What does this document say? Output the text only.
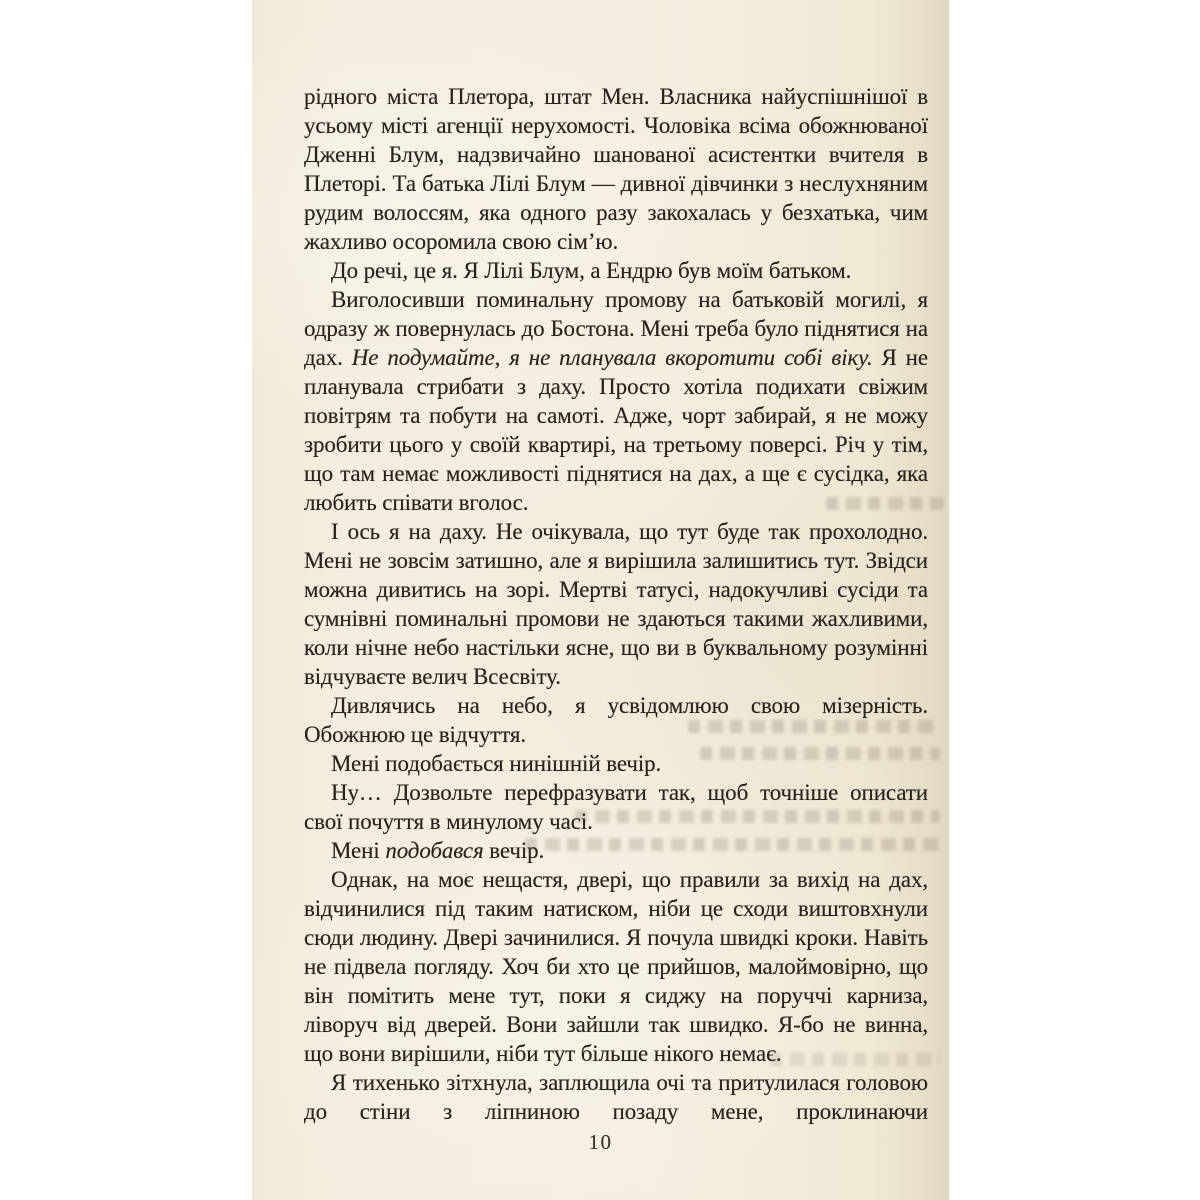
рідного міста Плетора, штат Мен. Власника найуспішнішої в усьому місті агенції нерухомості. Чоловіка всіма обожнюваної Дженні Блум, надзвичайно шанованої асистентки вчителя в Плеторі. Та батька Лілі Блум — дивної дівчинки з неслухняним рудим волоссям, яка одного разу закохалась у безхатька, чим жахливо осоромила свою сім’ю.

До речі, це я. Я Лілі Блум, а Ендрю був моїм батьком.

Виголосивши поминальну промову на батьковій могилі, я одразу ж повернулась до Бостона. Мені треба було піднятися на дах. Не подумайте, я не планувала вкоротити собі віку. Я не планувала стрибати з даху. Просто хотіла подихати свіжим повітрям та побути на самоті. Адже, чорт забирай, я не можу зробити цього у своїй квартирі, на третьому поверсі. Річ у тім, що там немає можливості піднятися на дах, а ще є сусідка, яка любить співати вголос.

І ось я на даху. Не очікувала, що тут буде так прохолодно. Мені не зовсім затишно, але я вирішила залишитись тут. Звідси можна дивитись на зорі. Мертві татусі, надокучливі сусіди та сумнівні поминальні промови не здаються такими жахливими, коли нічне небо настільки ясне, що ви в буквальному розумінні відчуваєте велич Всесвіту.

Дивлячись на небо, я усвідомлюю свою мізерність. Обожнюю це відчуття.

Мені подобається нинішній вечір.

Ну… Дозвольте перефразувати так, щоб точніше описати свої почуття в минулому часі.

Мені подобався вечір.

Однак, на моє нещастя, двері, що правили за вихід на дах, відчинилися під таким натиском, ніби це сходи виштовхнули сюди людину. Двері зачинилися. Я почула швидкі кроки. Навіть не підвела погляду. Хоч би хто це прийшов, малоймовірно, що він помітить мене тут, поки я сиджу на поруччі карниза, ліворуч від дверей. Вони зайшли так швидко. Я-бо не винна, що вони вирішили, ніби тут більше нікого немає.

Я тихенько зітхнула, заплющила очі та притулилася головою до стіни з ліпниною позаду мене, проклинаючи

10
